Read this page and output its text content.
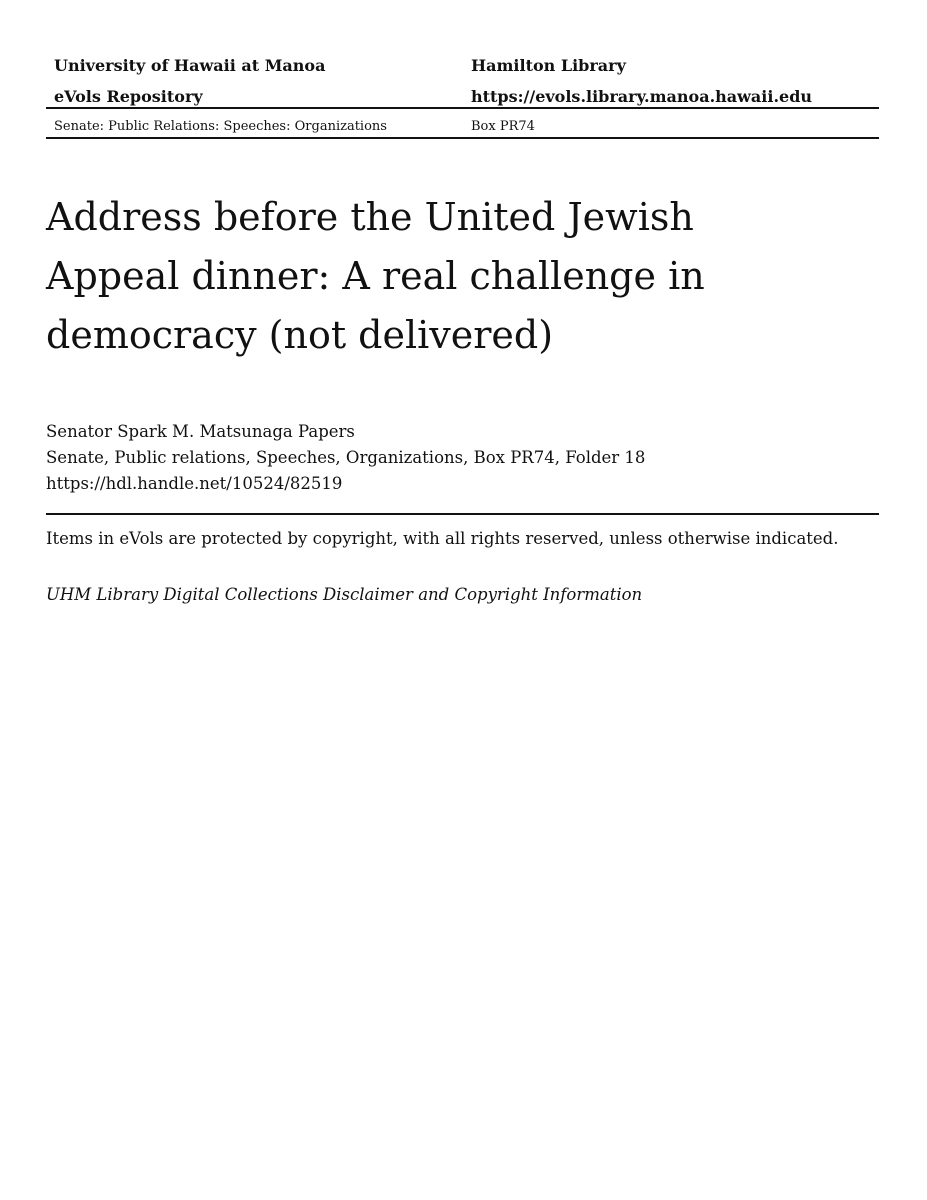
University of Hawaii at Manoa	Hamilton Library
eVols Repository	https://evols.library.manoa.hawaii.edu
Senate: Public Relations: Speeches: Organizations	Box PR74
Address before the United Jewish Appeal dinner: A real challenge in democracy (not delivered)
Senator Spark M. Matsunaga Papers
Senate, Public relations, Speeches, Organizations, Box PR74, Folder 18
https://hdl.handle.net/10524/82519
Items in eVols are protected by copyright, with all rights reserved, unless otherwise indicated.
UHM Library Digital Collections Disclaimer and Copyright Information
